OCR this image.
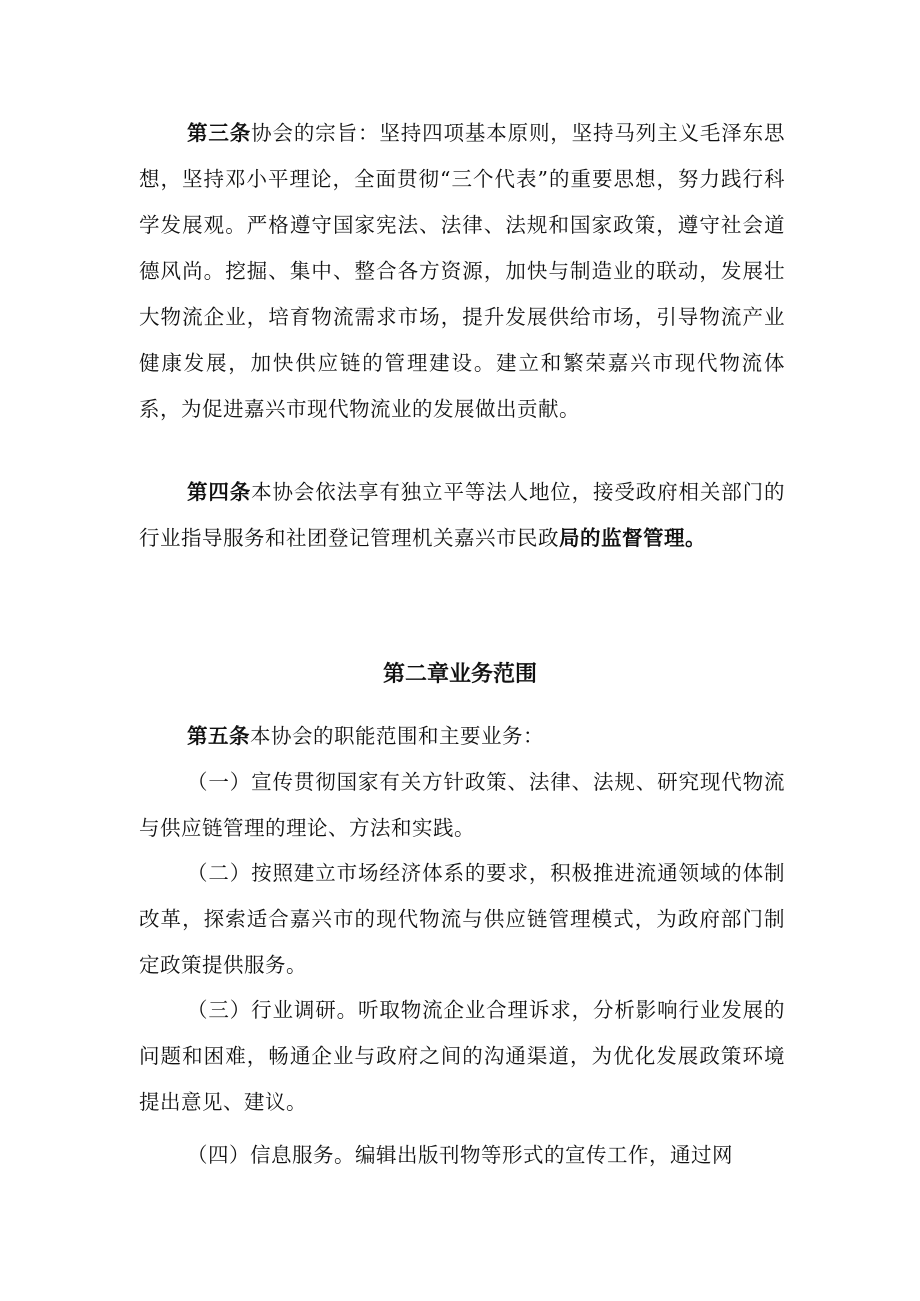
第三条协会的宗旨：坚持四项基本原则，坚持马列主义毛泽东思想，坚持邓小平理论，全面贯彻“三个代表”的重要思想，努力践行科学发展观。严格遵守国家宪法、法律、法规和国家政策，遵守社会道德风尚。挖掘、集中、整合各方资源，加快与制造业的联动，发展壮大物流企业，培育物流需求市场，提升发展供给市场，引导物流产业健康发展，加快供应链的管理建设。建立和繁荣嘉兴市现代物流体系，为促进嘉兴市现代物流业的发展做出贡献。

第四条本协会依法享有独立平等法人地位，接受政府相关部门的行业指导服务和社团登记管理机关嘉兴市民政局的监督管理。

第二章业务范围

第五条本协会的职能范围和主要业务：

（一）宣传贯彻国家有关方针政策、法律、法规、研究现代物流与供应链管理的理论、方法和实践。

（二）按照建立市场经济体系的要求，积极推进流通领域的体制改革，探索适合嘉兴市的现代物流与供应链管理模式，为政府部门制定政策提供服务。

（三）行业调研。听取物流企业合理诉求，分析影响行业发展的问题和困难，畅通企业与政府之间的沟通渠道，为优化发展政策环境提出意见、建议。

（四）信息服务。编辑出版刊物等形式的宣传工作，通过网
